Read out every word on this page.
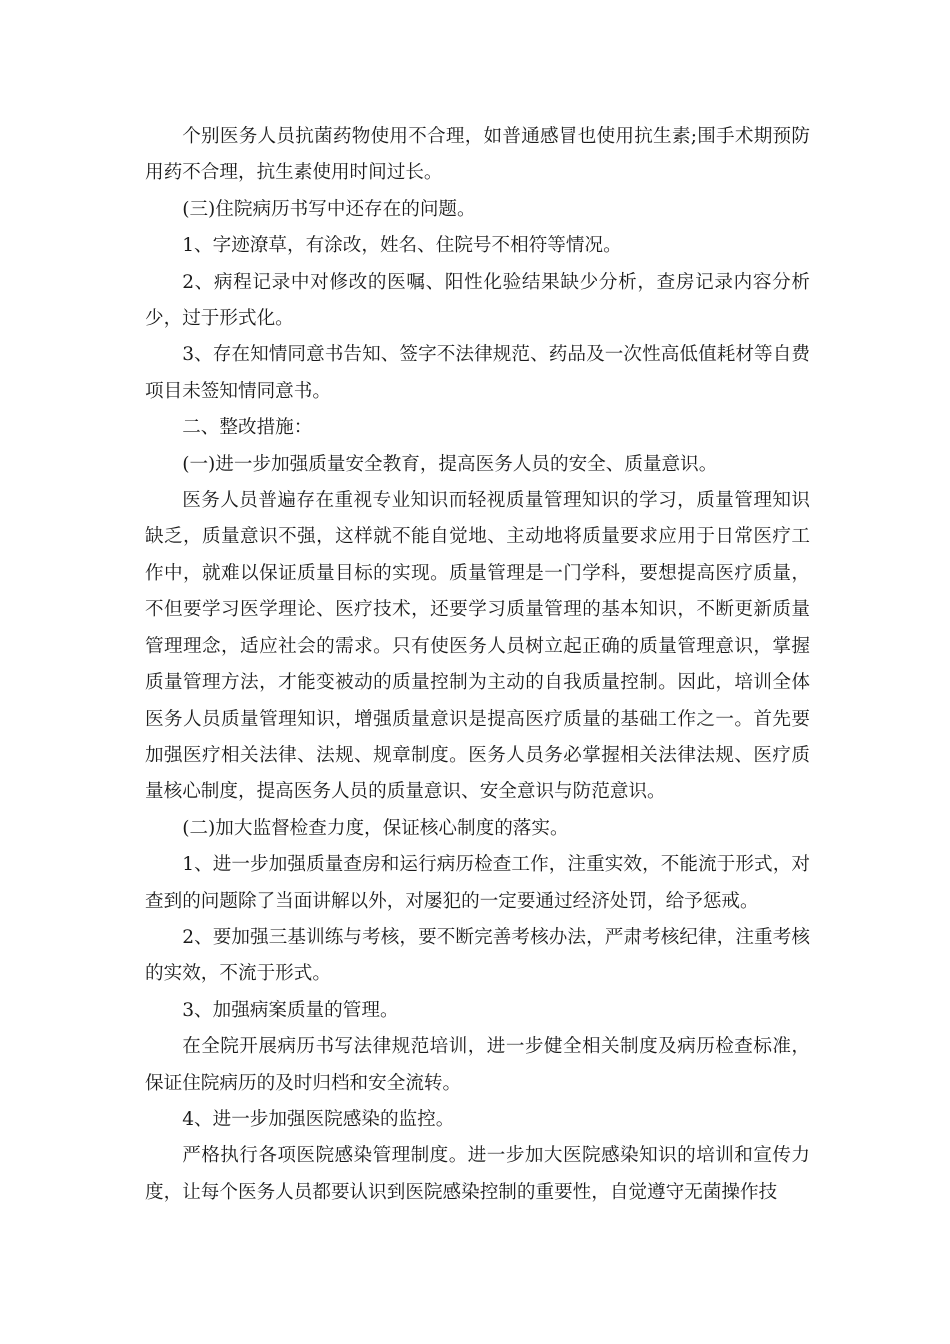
个别医务人员抗菌药物使用不合理，如普通感冒也使用抗生素;围手术期预防用药不合理，抗生素使用时间过长。

(三)住院病历书写中还存在的问题。

1、字迹潦草，有涂改，姓名、住院号不相符等情况。

2、病程记录中对修改的医嘱、阳性化验结果缺少分析，查房记录内容分析少，过于形式化。

3、存在知情同意书告知、签字不法律规范、药品及一次性高低值耗材等自费项目未签知情同意书。

二、整改措施：

(一)进一步加强质量安全教育，提高医务人员的安全、质量意识。

医务人员普遍存在重视专业知识而轻视质量管理知识的学习，质量管理知识缺乏，质量意识不强，这样就不能自觉地、主动地将质量要求应用于日常医疗工作中，就难以保证质量目标的实现。质量管理是一门学科，要想提高医疗质量，不但要学习医学理论、医疗技术，还要学习质量管理的基本知识，不断更新质量管理理念，适应社会的需求。只有使医务人员树立起正确的质量管理意识，掌握质量管理方法，才能变被动的质量控制为主动的自我质量控制。因此，培训全体医务人员质量管理知识，增强质量意识是提高医疗质量的基础工作之一。首先要加强医疗相关法律、法规、规章制度。医务人员务必掌握相关法律法规、医疗质量核心制度，提高医务人员的质量意识、安全意识与防范意识。

(二)加大监督检查力度，保证核心制度的落实。

1、进一步加强质量查房和运行病历检查工作，注重实效，不能流于形式，对查到的问题除了当面讲解以外，对屡犯的一定要通过经济处罚，给予惩戒。

2、要加强三基训练与考核，要不断完善考核办法，严肃考核纪律，注重考核的实效，不流于形式。

3、加强病案质量的管理。

在全院开展病历书写法律规范培训，进一步健全相关制度及病历检查标准，保证住院病历的及时归档和安全流转。

4、进一步加强医院感染的监控。

严格执行各项医院感染管理制度。进一步加大医院感染知识的培训和宣传力度，让每个医务人员都要认识到医院感染控制的重要性，自觉遵守无菌操作技
